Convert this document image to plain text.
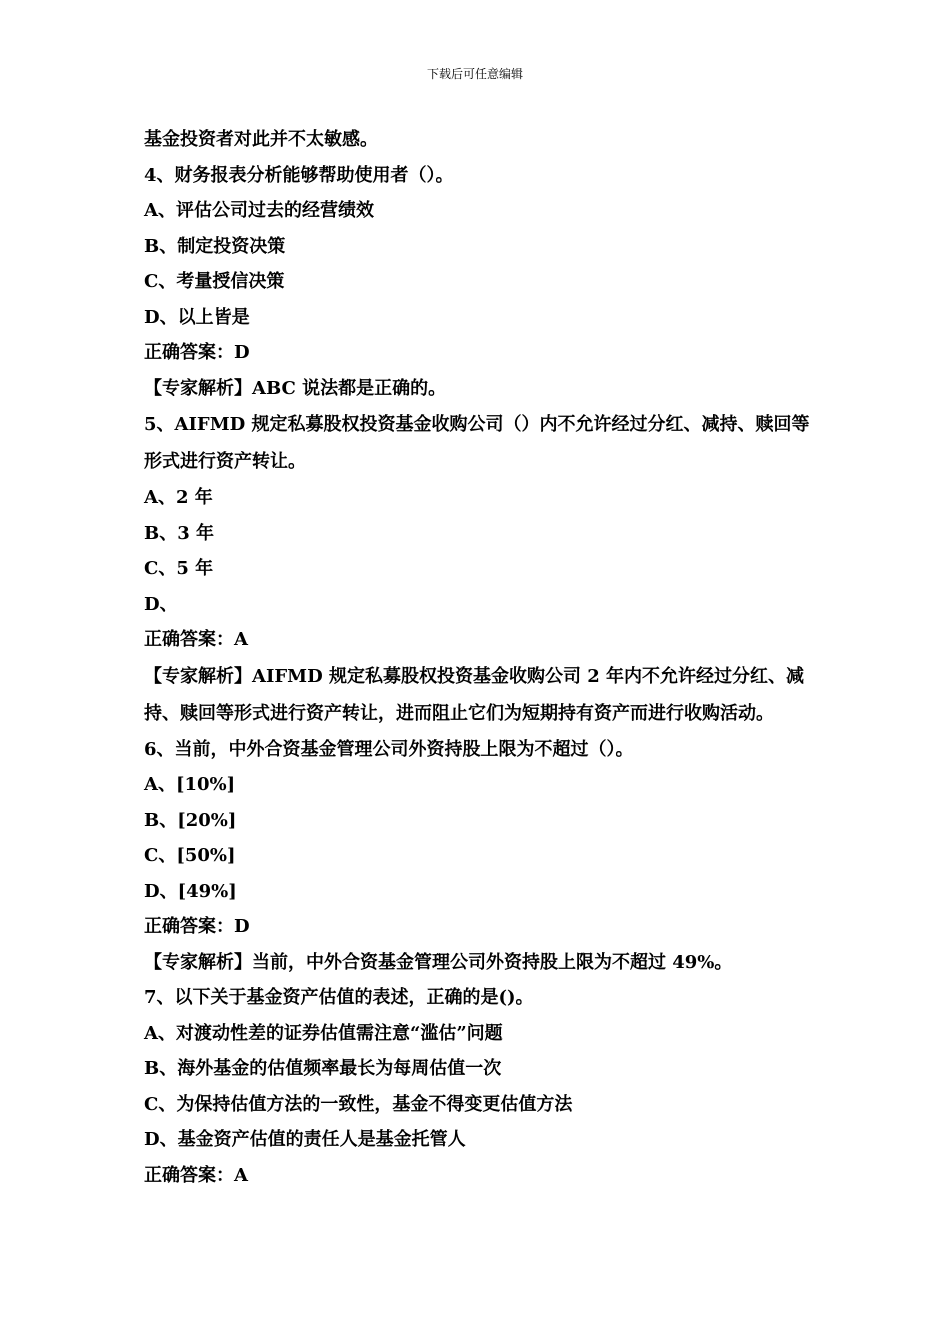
下载后可任意编辑
基金投资者对此并不太敏感。
4、财务报表分析能够帮助使用者（）。
A、评估公司过去的经营绩效
B、制定投资决策
C、考量授信决策
D、以上皆是
正确答案：D
【专家解析】ABC 说法都是正确的。
5、AIFMD 规定私募股权投资基金收购公司（）内不允许经过分红、减持、赎回等形式进行资产转让。
A、2 年
B、3 年
C、5 年
D、
正确答案：A
【专家解析】AIFMD 规定私募股权投资基金收购公司 2 年内不允许经过分红、减持、赎回等形式进行资产转让，进而阻止它们为短期持有资产而进行收购活动。
6、当前，中外合资基金管理公司外资持股上限为不超过（）。
A、[10%]
B、[20%]
C、[50%]
D、[49%]
正确答案：D
【专家解析】当前，中外合资基金管理公司外资持股上限为不超过 49%。
7、以下关于基金资产估值的表述，正确的是()。
A、对渡动性差的证券估值需注意“滥估”问题
B、海外基金的估值频率最长为每周估值一次
C、为保持估值方法的一致性，基金不得变更估值方法
D、基金资产估值的责任人是基金托管人
正确答案：A
